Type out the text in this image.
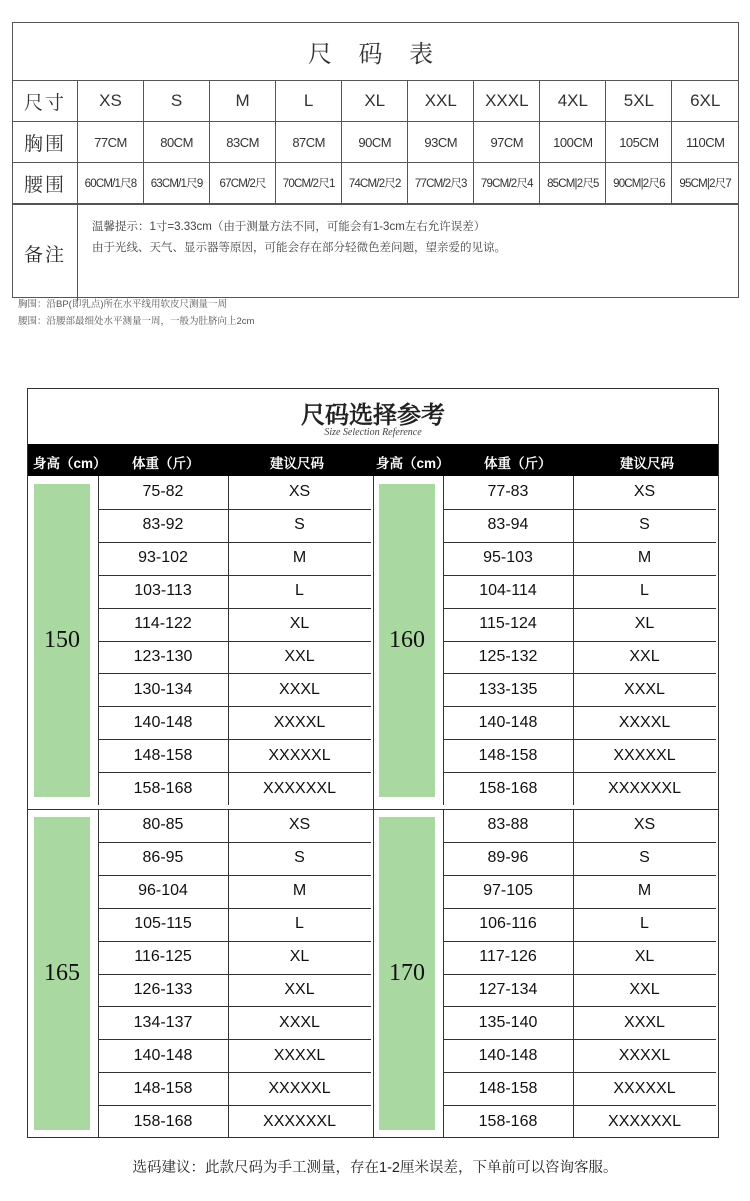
尺 码 表
尺寸	XS	S	M	L	XL	XXL	XXXL	4XL	5XL	6XL
胸围	77CM	80CM	83CM	87CM	90CM	93CM	97CM	100CM	105CM	110CM
腰围	60CM/1尺8	63CM/1尺9	67CM/2尺	70CM/2尺1	74CM/2尺2	77CM/2尺3	79CM/2尺4	85CM|2尺5	90CM|2尺6	95CM|2尺7
备注
温馨提示：1寸=3.33cm（由于测量方法不同，可能会有1-3cm左右允许误差）
由于光线、天气、显示器等原因，可能会存在部分轻微色差问题，望亲爱的见谅。
胸围：沿BP(即乳点)所在水平线用软皮尺测量一周
腰围：沿腰部最细处水平测量一周，一般为肚脐向上2cm
尺码选择参考
Size Selection Reference
身高（cm） 体重（斤）	建议尺码	身高（cm）	体重（斤）	建议尺码
150
75-82	XS
83-92	S
93-102	M
103-113	L
114-122	XL
123-130	XXL
130-134	XXXL
140-148	XXXXL
148-158	XXXXXL
158-168	XXXXXXL
160
77-83	XS
83-94	S
95-103	M
104-114	L
115-124	XL
125-132	XXL
133-135	XXXL
140-148	XXXXL
148-158	XXXXXL
158-168	XXXXXXL
165
80-85	XS
86-95	S
96-104	M
105-115	L
116-125	XL
126-133	XXL
134-137	XXXL
140-148	XXXXL
148-158	XXXXXL
158-168	XXXXXXL
170
83-88	XS
89-96	S
97-105	M
106-116	L
117-126	XL
127-134	XXL
135-140	XXXL
140-148	XXXXL
148-158	XXXXXL
158-168	XXXXXXL
选码建议：此款尺码为手工测量，存在1-2厘米误差，下单前可以咨询客服。
